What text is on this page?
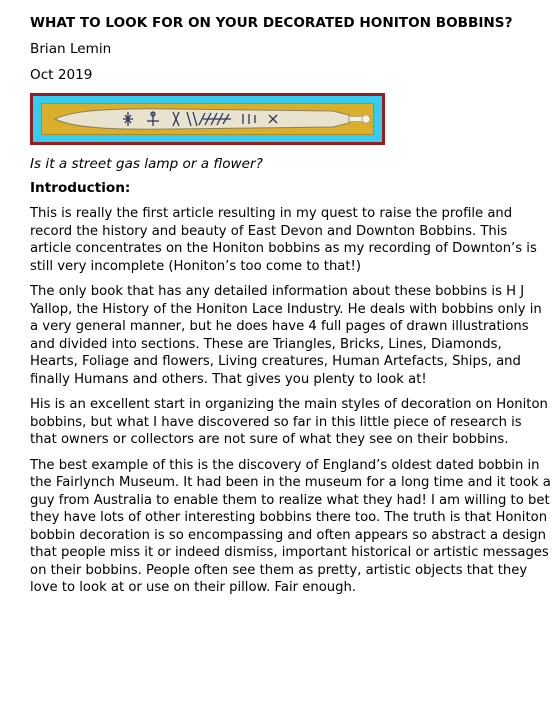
WHAT TO LOOK FOR ON YOUR DECORATED HONITON BOBBINS?
Brian Lemin
Oct 2019
Is it a street gas lamp or a flower?
Introduction:

This is really the first article resulting in my quest to raise the profile and record the history and beauty of East Devon and Downton Bobbins. This article concentrates on the Honiton bobbins as my recording of Downton’s is still very incomplete (Honiton’s too come to that!)

The only book that has any detailed information about these bobbins is H J Yallop, the History of the Honiton Lace Industry. He deals with bobbins only in a very general manner, but he does have 4 full pages of drawn illustrations and divided into sections. These are Triangles, Bricks, Lines, Diamonds, Hearts, Foliage and flowers, Living creatures, Human Artefacts, Ships, and finally Humans and others. That gives you plenty to look at!

His is an excellent start in organizing the main styles of decoration on Honiton bobbins, but what I have discovered so far in this little piece of research is that owners or collectors are not sure of what they see on their bobbins.

The best example of this is the discovery of England’s oldest dated bobbin in the Fairlynch Museum. It had been in the museum for a long time and it took a guy from Australia to enable them to realize what they had! I am willing to bet they have lots of other interesting bobbins there too. The truth is that Honiton bobbin decoration is so encompassing and often appears so abstract a design that people miss it or indeed dismiss, important historical or artistic messages on their bobbins. People often see them as pretty, artistic objects that they love to look at or use on their pillow. Fair enough.
